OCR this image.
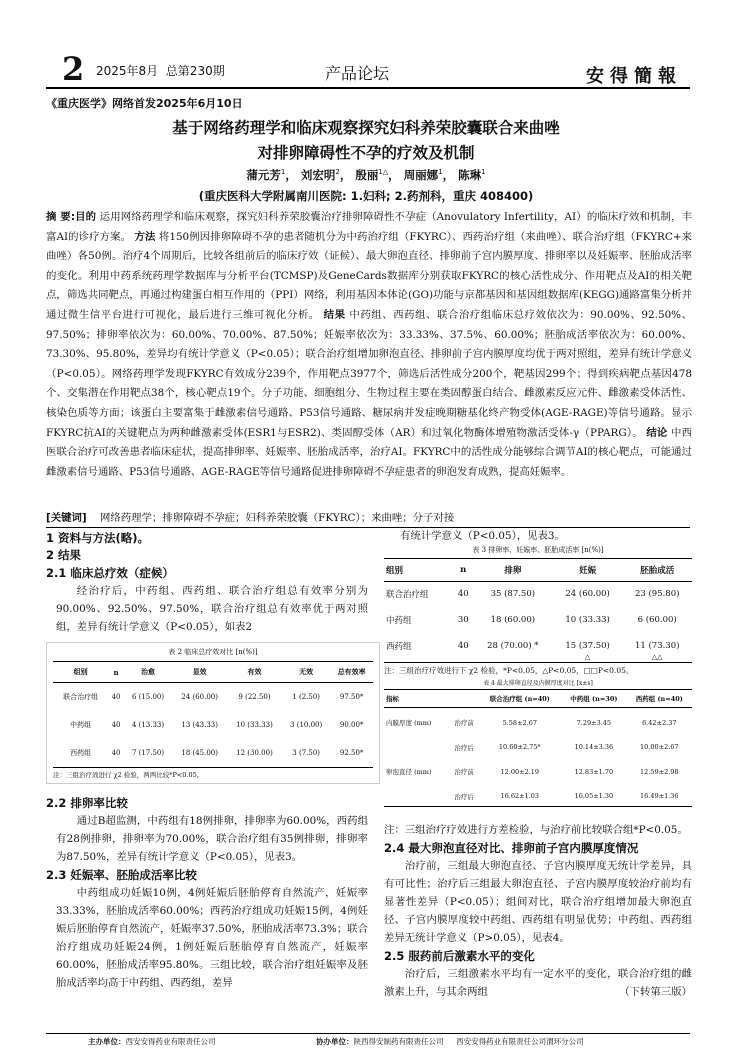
2 2025年8月  总第230期	产品论坛	安得簡報
《重庆医学》网络首发2025年6月10日
基于网络药理学和临床观察探究妇科养荣胶囊联合来曲唑
对排卵障碍性不孕的疗效及机制
蒲元芳$^1$， 刘宏明$^2$， 殷丽$^{1\triangle}$， 周丽娜$^1$， 陈琳$^1$
(重庆医科大学附属南川医院: 1.妇科; 2.药剂科，重庆 408400)
摘 要:目的 运用网络药理学和临床观察，探究妇科养荣胶囊治疗排卵障碍性不孕症（Anovulatory Infertility，AI）的临床疗效和机制，丰富AI的诊疗方案。 方法 将150例因排卵障碍不孕的患者随机分为中药治疗组（FKYRC）、西药治疗组（来曲唑）、联合治疗组（FKYRC+来曲唑）各50例。治疗4个周期后，比较各组前后的临床疗效（证候）、最大卵泡直径、排卵前子宫内膜厚度、排卵率以及妊娠率、胚胎成活率的变化。利用中药系统药理学数据库与分析平台(TCMSP)及GeneCards数据库分别获取FKYRC的核心活性成分、作用靶点及AI的相关靶点，筛选共同靶点，再通过构建蛋白相互作用的（PPI）网络，利用基因本体论(GO)功能与京都基因和基因组数据库(KEGG)通路富集分析并通过微生信平台进行可视化，最后进行三维可视化分析。 结果 中药组、西药组、联合治疗组临床总疗效依次为：90.00%、92.50%、97.50%；排卵率依次为：60.00%、70.00%、87.50%；妊娠率依次为：33.33%、37.5%、60.00%；胚胎成活率依次为：60.00%、73.30%、95.80%，差异均有统计学意义（P<0.05）；联合治疗组增加卵泡直径、排卵前子宫内膜厚度均优于两对照组，差异有统计学意义（P<0.05）。网络药理学发现FKYRC有效成分239个，作用靶点3977个，筛选后活性成分200个，靶基因299个；得到疾病靶点基因478个、交集潜在作用靶点38个，核心靶点19个。分子功能、细胞组分、生物过程主要在类固醇蛋白结合、雌激素反应元件、雌激素受体活性、核染色质等方面；该蛋白主要富集于雌激素信号通路、P53信号通路、糖尿病并发症晚期糖基化终产物受体(AGE-RAGE)等信号通路。显示FKYRC抗AI的关键靶点为两种雌激素受体(ESR1与ESR2)、类固醇受体（AR）和过氧化物酶体增殖物激活受体-γ（PPARG）。 结论 中西医联合治疗可改善患者临床症状，提高排卵率、妊娠率、胚胎成活率，治疗AI。FKYRC中的活性成分能够综合调节AI的核心靶点，可能通过雌激素信号通路、P53信号通路、AGE-RAGE等信号通路促进排卵障碍不孕症患者的卵泡发育成熟，提高妊娠率。
[关键词] 网络药理学；排卵障碍不孕症；妇科养荣胶囊（FKYRC）；来曲唑；分子对接
1 资料与方法(略)。
2 结果
2.1 临床总疗效（症候）
经治疗后，中药组、西药组、联合治疗组总有效率分别为90.00%、92.50%、97.50%，联合治疗组总有效率优于两对照组，差异有统计学意义（P<0.05），如表2
表 2 临床总疗效对比 [n(%)]
组别	n	治愈	显效	有效	无效	总有效率
联合治疗组	40	6 (15.00)	24 (60.00)	9 (22.50)	1 (2.50)	97.50*
中药组	40	4 (13.33)	13 (43.33)	10 (33.33)	3 (10.00)	90.00*
西药组	40	7 (17.50)	18 (45.00)	12 (30.00)	3 (7.50)	92.50*
注：三组治疗效进行 χ2 检验，两两比较*P<0.05。
2.2 排卵率比较
通过B超监测，中药组有18例排卵，排卵率为60.00%，西药组有28例排卵，排卵率为70.00%，联合治疗组有35例排卵，排卵率为87.50%，差异有统计学意义（P<0.05），见表3。
2.3 妊娠率、胚胎成活率比较
中药组成功妊娠10例，4例妊娠后胚胎停育自然流产，妊娠率33.33%，胚胎成活率60.00%；西药治疗组成功妊娠15例，4例妊娠后胚胎停育自然流产，妊娠率37.50%，胚胎成活率73.3%；联合治疗组成功妊娠24例，1例妊娠后胚胎停育自然流产，妊娠率60.00%，胚胎成活率95.80%。三组比较，联合治疗组妊娠率及胚胎成活率均高于中药组、西药组，差异
有统计学意义（P<0.05），见表3。
表 3 排卵率、妊娠率、胚胎成活率 [n(%)]
组别	n	排卵	妊娠	胚胎成活
联合治疗组	40	35 (87.50)	24 (60.00)	23 (95.80)
中药组	30	18 (60.00)	10 (33.33)	6 (60.00)
西药组	40	28 (70.00) *	15 (37.50)	11 (73.30)
			△	△△
注：三组治疗疗效进行下 χ2 检验，*P<0.05，△P<0.05，□□P<0.05。
表 4 最大排卵直径及内膜厚度对比 [x±s]
指标		联合治疗组 (n=40)	中药组 (n=30)	西药组 (n=40)
内膜厚度 (mm)	治疗前	5.58±2.67	7.29±3.45	6.42±2.37
	治疗后	10.60±2.75*	10.14±3.36	10.00±2.67
卵泡直径 (mm)	治疗前	12.00±2.19	12.83±1.70	12.59±2.98
	治疗后	16.62±1.03	16.05±1.30	16.49±1.36
注：三组治疗疗效进行方差检验，与治疗前比较联合组*P<0.05。
2.4 最大卵泡直径对比、排卵前子宫内膜厚度情况
治疗前，三组最大卵泡直径、子宫内膜厚度无统计学差异，具有可比性；治疗后三组最大卵泡直径、子宫内膜厚度较治疗前均有显著性差异（P<0.05）；组间对比，联合治疗组增加最大卵泡直径、子宫内膜厚度较中药组、西药组有明显优势；中药组、西药组差异无统计学意义（P>0.05），见表4。
2.5 服药前后激素水平的变化
治疗后，三组激素水平均有一定水平的变化，联合治疗组的雌激素上升，与其余两组	（下转第三版）
主办单位：西安安得药业有限责任公司	协办单位：陕西得安制药有限责任公司 西安安得药业有限责任公司渭环分公司
